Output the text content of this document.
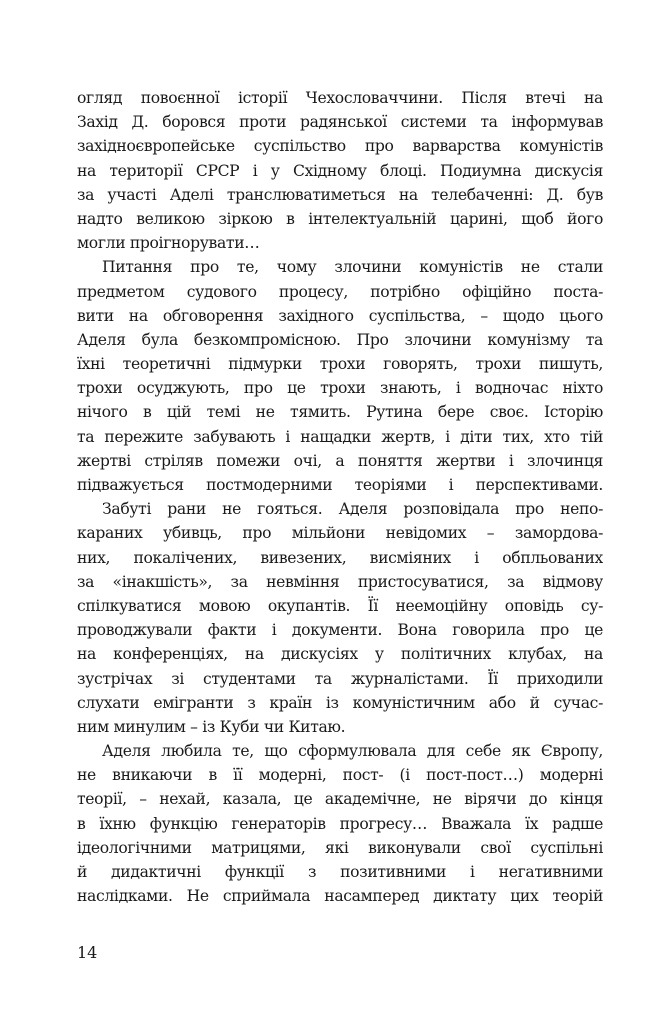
огляд повоєнної історії Чехословаччини. Після втечі на
Захід Д. боровся проти радянської системи та інформував
західноєвропейське суспільство про варварства комуністів
на території СРСР і у Східному блоці. Подиумна дискусія
за участі Аделі транслюватиметься на телебаченні: Д. був
надто великою зіркою в інтелектуальній царині, щоб його
могли проігнорувати…
Питання про те, чому злочини комуністів не стали
предметом судового процесу, потрібно офіційно поста-
вити на обговорення західного суспільства, – щодо цього
Аделя була безкомпромісною. Про злочини комунізму та
їхні теоретичні підмурки трохи говорять, трохи пишуть,
трохи осуджують, про це трохи знають, і водночас ніхто
нічого в цій темі не тямить. Рутина бере своє. Історію
та пережите забувають і нащадки жертв, і діти тих, хто тій
жертві стріляв помежи очі, а поняття жертви і злочинця
підважується постмодерними теоріями і перспективами.
Забуті рани не гояться. Аделя розповідала про непо-
караних убивць, про мільйони невідомих – замордова-
них, покалічених, вивезених, висміяних і обпльованих
за «інакшість», за невміння пристосуватися, за відмову
спілкуватися мовою окупантів. Її неемоційну оповідь су-
проводжували факти і документи. Вона говорила про це
на конференціях, на дискусіях у політичних клубах, на
зустрічах зі студентами та журналістами. Її приходили
слухати емігранти з країн із комуністичним або й сучас-
ним минулим – із Куби чи Китаю.
Аделя любила те, що сформулювала для себе як Європу,
не вникаючи в її модерні, пост- (і пост-пост…) модерні
теорії, – нехай, казала, це академічне, не вірячи до кінця
в їхню функцію генераторів прогресу… Вважала їх радше
ідеологічними матрицями, які виконували свої суспільні
й дидактичні функції з позитивними і негативними
наслідками. Не сприймала насамперед диктату цих теорій
14
